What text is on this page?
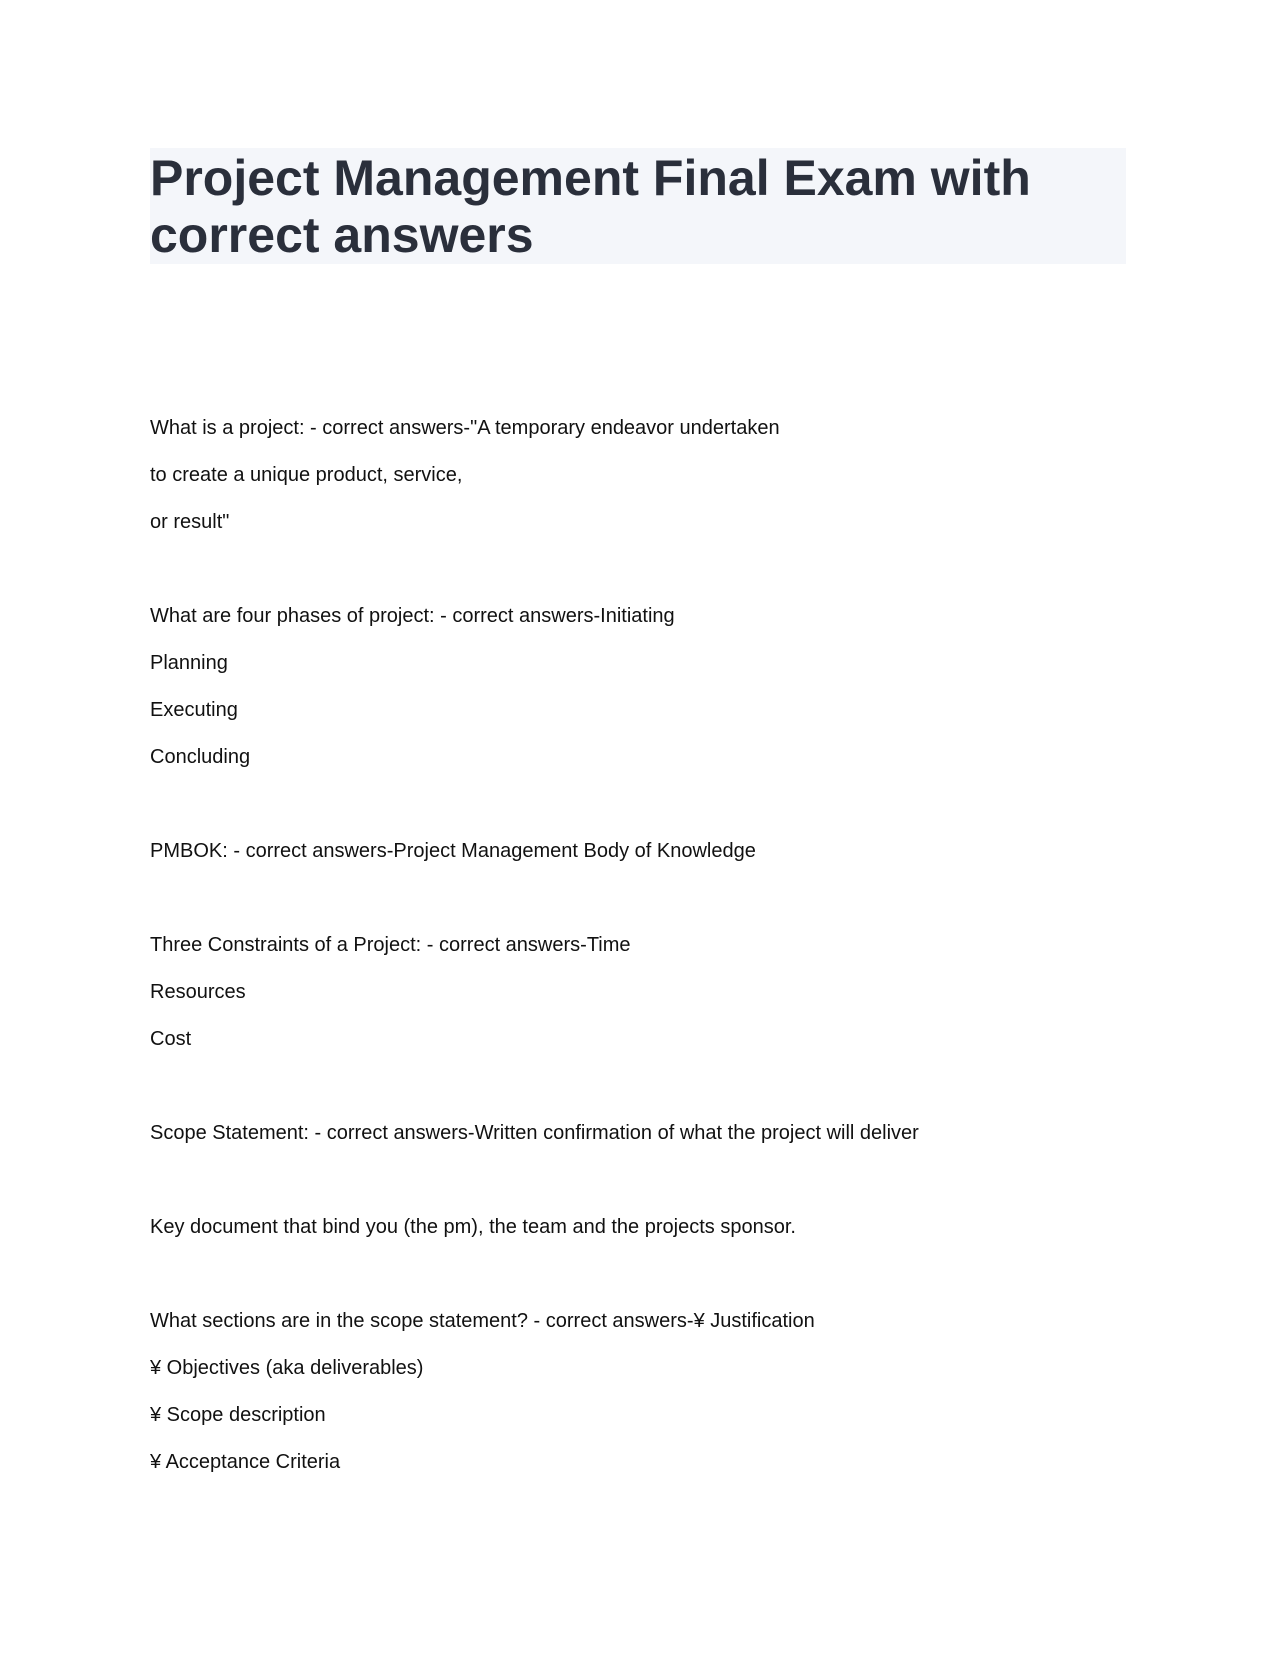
Project Management Final Exam with correct answers
What is a project: - correct answers-"A temporary endeavor undertaken
to create a unique product, service,
or result"
What are four phases of project: - correct answers-Initiating
Planning
Executing
Concluding
PMBOK: - correct answers-Project Management Body of Knowledge
Three Constraints of a Project: - correct answers-Time
Resources
Cost
Scope Statement: - correct answers-Written confirmation of what the project will deliver
Key document that bind you (the pm), the team and the projects sponsor.
What sections are in the scope statement? - correct answers-¥ Justification
¥ Objectives (aka deliverables)
¥ Scope description
¥ Acceptance Criteria
